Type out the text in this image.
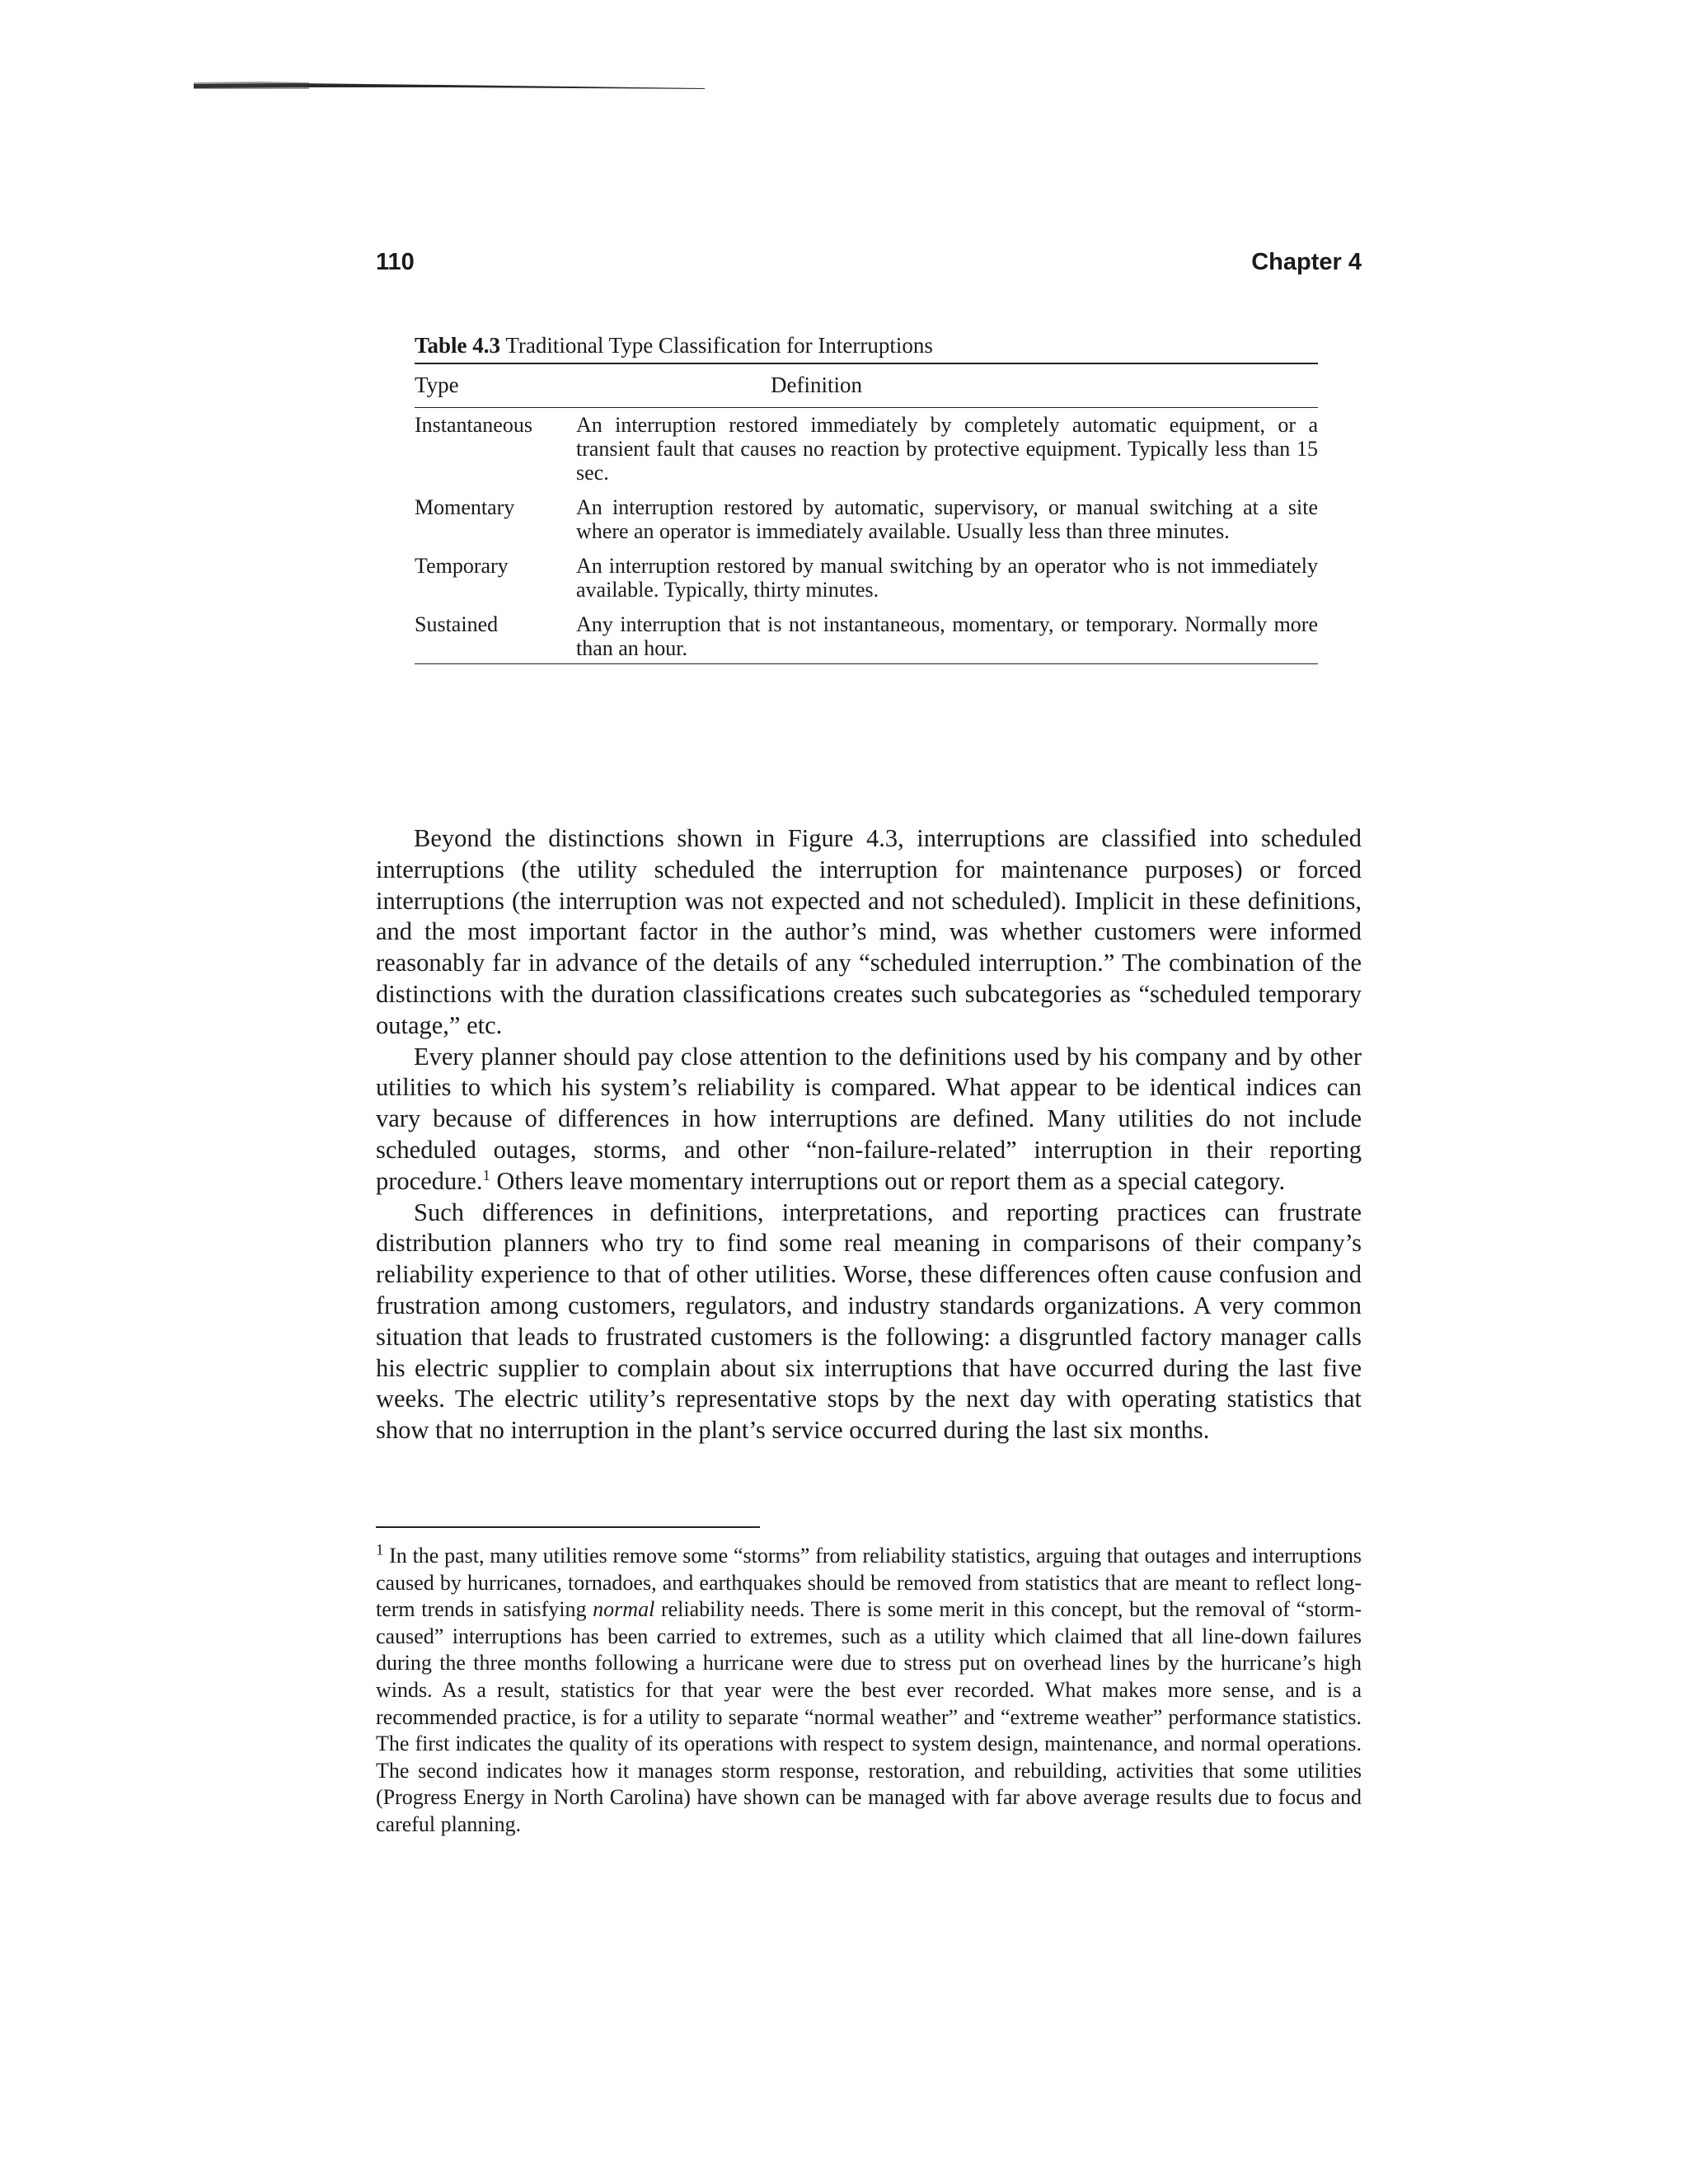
110	Chapter 4
Table 4.3 Traditional Type Classification for Interruptions
Type	Definition
Instantaneous	An interruption restored immediately by completely automatic equipment, or a transient fault that causes no reaction by protective equipment. Typically less than 15 sec.
Momentary	An interruption restored by automatic, supervisory, or manual switching at a site where an operator is immediately available. Usually less than three minutes.
Temporary	An interruption restored by manual switching by an operator who is not immediately available. Typically, thirty minutes.
Sustained	Any interruption that is not instantaneous, momentary, or temporary. Normally more than an hour.

Beyond the distinctions shown in Figure 4.3, interruptions are classified into scheduled interruptions (the utility scheduled the interruption for maintenance purposes) or forced interruptions (the interruption was not expected and not scheduled). Implicit in these definitions, and the most important factor in the author’s mind, was whether customers were informed reasonably far in advance of the details of any “scheduled interruption.” The combination of the distinctions with the duration classifications creates such subcategories as “scheduled temporary outage,” etc.

Every planner should pay close attention to the definitions used by his company and by other utilities to which his system’s reliability is compared. What appear to be identical indices can vary because of differences in how interruptions are defined. Many utilities do not include scheduled outages, storms, and other “non-failure-related” interruption in their reporting procedure.$^1$ Others leave momentary interruptions out or report them as a special category.

Such differences in definitions, interpretations, and reporting practices can frustrate distribution planners who try to find some real meaning in comparisons of their company’s reliability experience to that of other utilities. Worse, these differences often cause confusion and frustration among customers, regulators, and industry standards organizations. A very common situation that leads to frustrated customers is the following: a disgruntled factory manager calls his electric supplier to complain about six interruptions that have occurred during the last five weeks. The electric utility’s representative stops by the next day with operating statistics that show that no interruption in the plant’s service occurred during the last six months.

$^1$ In the past, many utilities remove some “storms” from reliability statistics, arguing that outages and interruptions caused by hurricanes, tornadoes, and earthquakes should be removed from statistics that are meant to reflect long-term trends in satisfying normal reliability needs. There is some merit in this concept, but the removal of “storm-caused” interruptions has been carried to extremes, such as a utility which claimed that all line-down failures during the three months following a hurricane were due to stress put on overhead lines by the hurricane’s high winds. As a result, statistics for that year were the best ever recorded. What makes more sense, and is a recommended practice, is for a utility to separate “normal weather” and “extreme weather” performance statistics. The first indicates the quality of its operations with respect to system design, maintenance, and normal operations. The second indicates how it manages storm response, restoration, and rebuilding, activities that some utilities (Progress Energy in North Carolina) have shown can be managed with far above average results due to focus and careful planning.
